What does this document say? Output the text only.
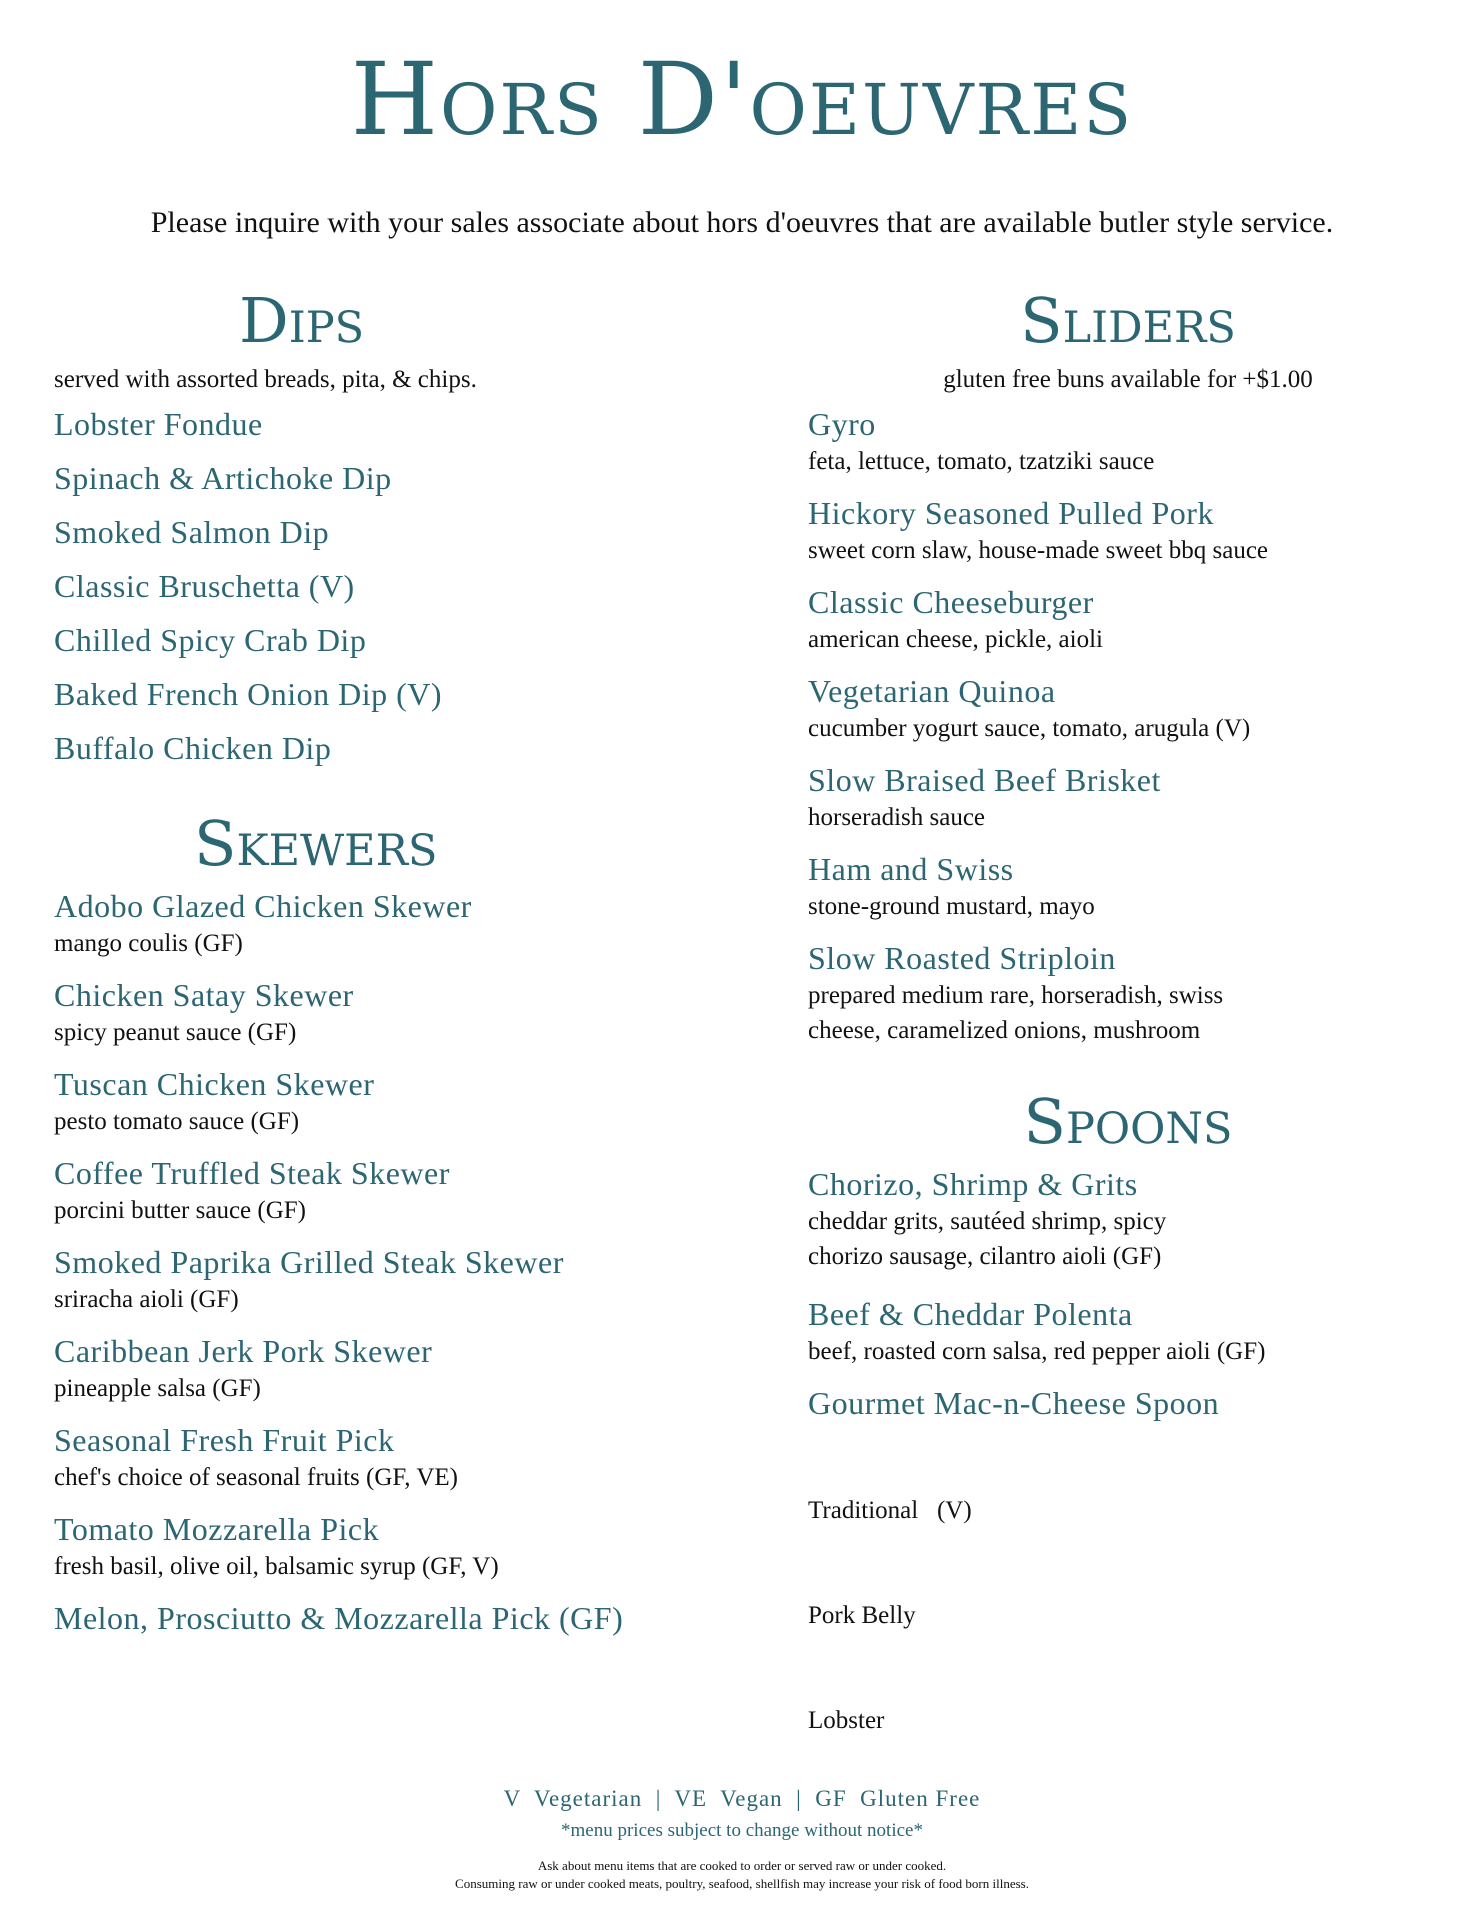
Hors D'oeuvres
Please inquire with your sales associate about hors d'oeuvres that are available butler style service.
Dips
served with assorted breads, pita, & chips.
Lobster Fondue
Spinach & Artichoke Dip
Smoked Salmon Dip
Classic Bruschetta (V)
Chilled Spicy Crab Dip
Baked French Onion Dip (V)
Buffalo Chicken Dip
Skewers
Adobo Glazed Chicken Skewer
mango coulis (GF)
Chicken Satay Skewer
spicy peanut sauce (GF)
Tuscan Chicken Skewer
pesto tomato sauce (GF)
Coffee Truffled Steak Skewer
porcini butter sauce (GF)
Smoked Paprika Grilled Steak Skewer
sriracha aioli (GF)
Caribbean Jerk Pork Skewer
pineapple salsa (GF)
Seasonal Fresh Fruit Pick
chef's choice of seasonal fruits (GF, VE)
Tomato Mozzarella Pick
fresh basil, olive oil, balsamic syrup (GF, V)
Melon, Prosciutto & Mozzarella Pick (GF)
Sliders
gluten free buns available for +$1.00
Gyro
feta, lettuce, tomato, tzatziki sauce
Hickory Seasoned Pulled Pork
sweet corn slaw, house-made sweet bbq sauce
Classic Cheeseburger
american cheese, pickle, aioli
Vegetarian Quinoa
cucumber yogurt sauce, tomato, arugula (V)
Slow Braised Beef Brisket
horseradish sauce
Ham and Swiss
stone-ground mustard, mayo
Slow Roasted Striploin
prepared medium rare, horseradish, swiss
cheese, caramelized onions, mushroom
Spoons
Chorizo, Shrimp & Grits
cheddar grits, sautéed shrimp, spicy
chorizo sausage, cilantro aioli (GF)
Beef & Cheddar Polenta
beef, roasted corn salsa, red pepper aioli (GF)
Gourmet Mac-n-Cheese Spoon

Traditional   (V)

Pork Belly

Lobster

V  Vegetarian  |  VE  Vegan  |  GF  Gluten Free
*menu prices subject to change without notice*
Ask about menu items that are cooked to order or served raw or under cooked.
Consuming raw or under cooked meats, poultry, seafood, shellfish may increase your risk of food born illness.
